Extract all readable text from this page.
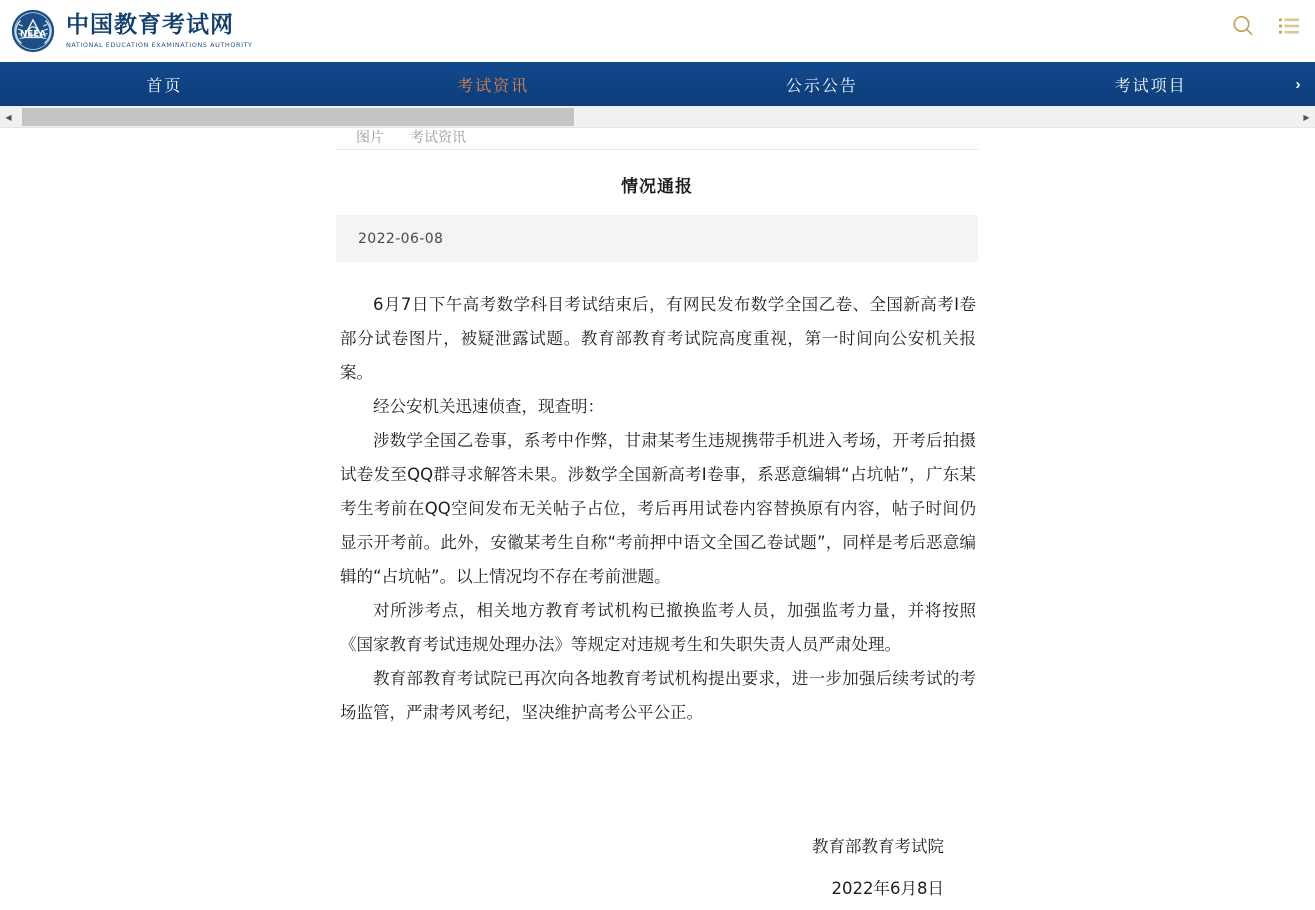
NEEA 中国教育考试网
NATIONAL EDUCATION EXAMINATIONS AUTHORITY
首页	考试资讯	公示公告	考试项目	›
◀	▶
图片 考试资讯
情况通报
2022-06-08

6月7日下午高考数学科目考试结束后，有网民发布数学全国乙卷、全国新高考I卷部分试卷图片，被疑泄露试题。教育部教育考试院高度重视，第一时间向公安机关报案。

经公安机关迅速侦查，现查明：

涉数学全国乙卷事，系考中作弊，甘肃某考生违规携带手机进入考场，开考后拍摄试卷发至QQ群寻求解答未果。涉数学全国新高考I卷事，系恶意编辑“占坑帖”，广东某考生考前在QQ空间发布无关帖子占位，考后再用试卷内容替换原有内容，帖子时间仍显示开考前。此外，安徽某考生自称“考前押中语文全国乙卷试题”，同样是考后恶意编辑的“占坑帖”。以上情况均不存在考前泄题。

对所涉考点，相关地方教育考试机构已撤换监考人员，加强监考力量，并将按照《国家教育考试违规处理办法》等规定对违规考生和失职失责人员严肃处理。

教育部教育考试院已再次向各地教育考试机构提出要求，进一步加强后续考试的考场监管，严肃考风考纪，坚决维护高考公平公正。

教育部教育考试院
2022年6月8日
